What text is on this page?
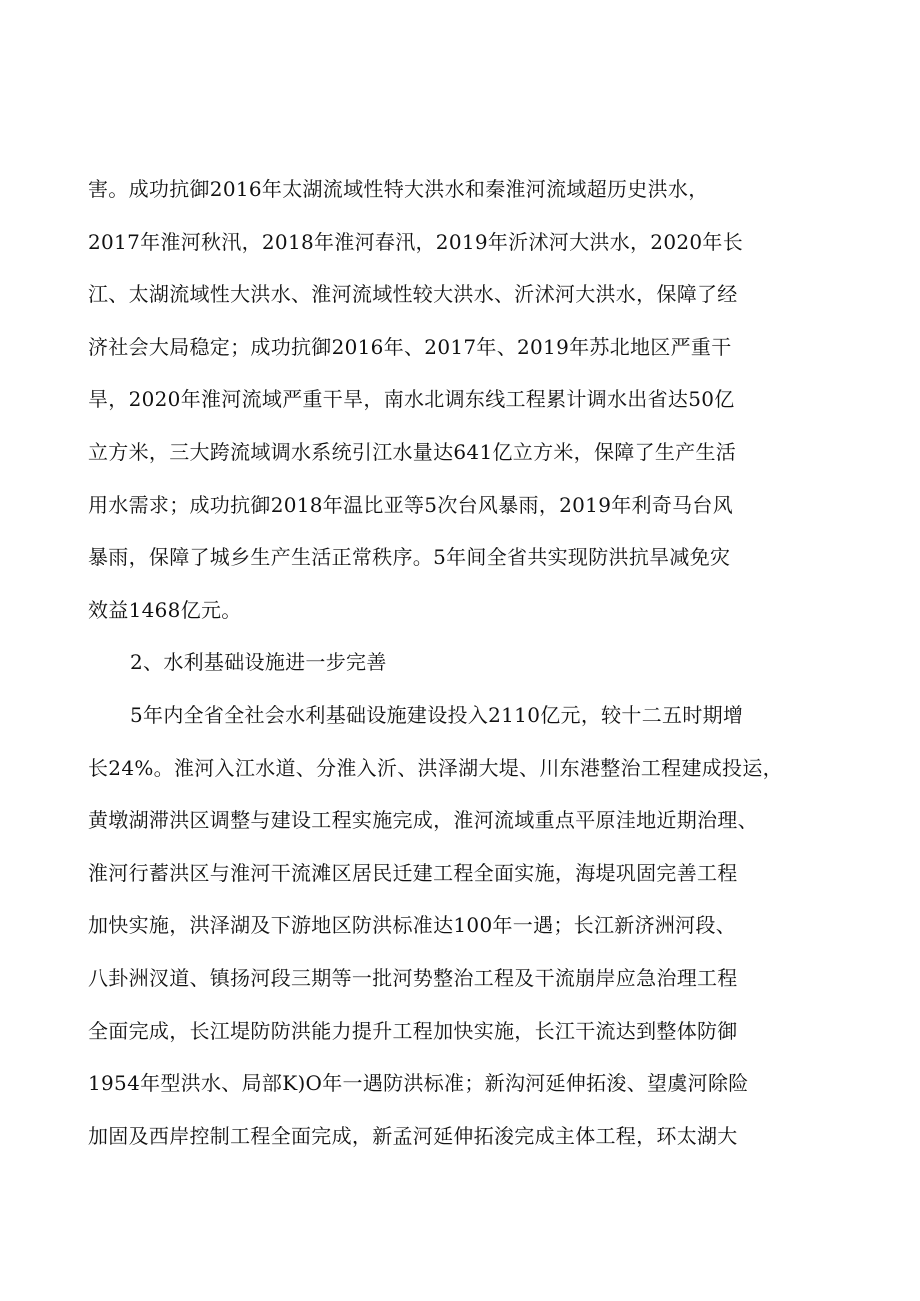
害。成功抗御2016年太湖流域性特大洪水和秦淮河流域超历史洪水，
2017年淮河秋汛，2018年淮河春汛，2019年沂沭河大洪水，2020年长
江、太湖流域性大洪水、淮河流域性较大洪水、沂沭河大洪水，保障了经
济社会大局稳定；成功抗御2016年、2017年、2019年苏北地区严重干
旱，2020年淮河流域严重干旱，南水北调东线工程累计调水出省达50亿
立方米，三大跨流域调水系统引江水量达641亿立方米，保障了生产生活
用水需求；成功抗御2018年温比亚等5次台风暴雨，2019年利奇马台风
暴雨，保障了城乡生产生活正常秩序。5年间全省共实现防洪抗旱减免灾
效益1468亿元。
2、水利基础设施进一步完善
5年内全省全社会水利基础设施建设投入2110亿元，较十二五时期增
长24%。淮河入江水道、分淮入沂、洪泽湖大堤、川东港整治工程建成投运，
黄墩湖滞洪区调整与建设工程实施完成，淮河流域重点平原洼地近期治理、
淮河行蓄洪区与淮河干流滩区居民迁建工程全面实施，海堤巩固完善工程
加快实施，洪泽湖及下游地区防洪标准达100年一遇；长江新济洲河段、
八卦洲汊道、镇扬河段三期等一批河势整治工程及干流崩岸应急治理工程
全面完成，长江堤防防洪能力提升工程加快实施，长江干流达到整体防御
1954年型洪水、局部K)O年一遇防洪标准；新沟河延伸拓浚、望虞河除险
加固及西岸控制工程全面完成，新孟河延伸拓浚完成主体工程，环太湖大
